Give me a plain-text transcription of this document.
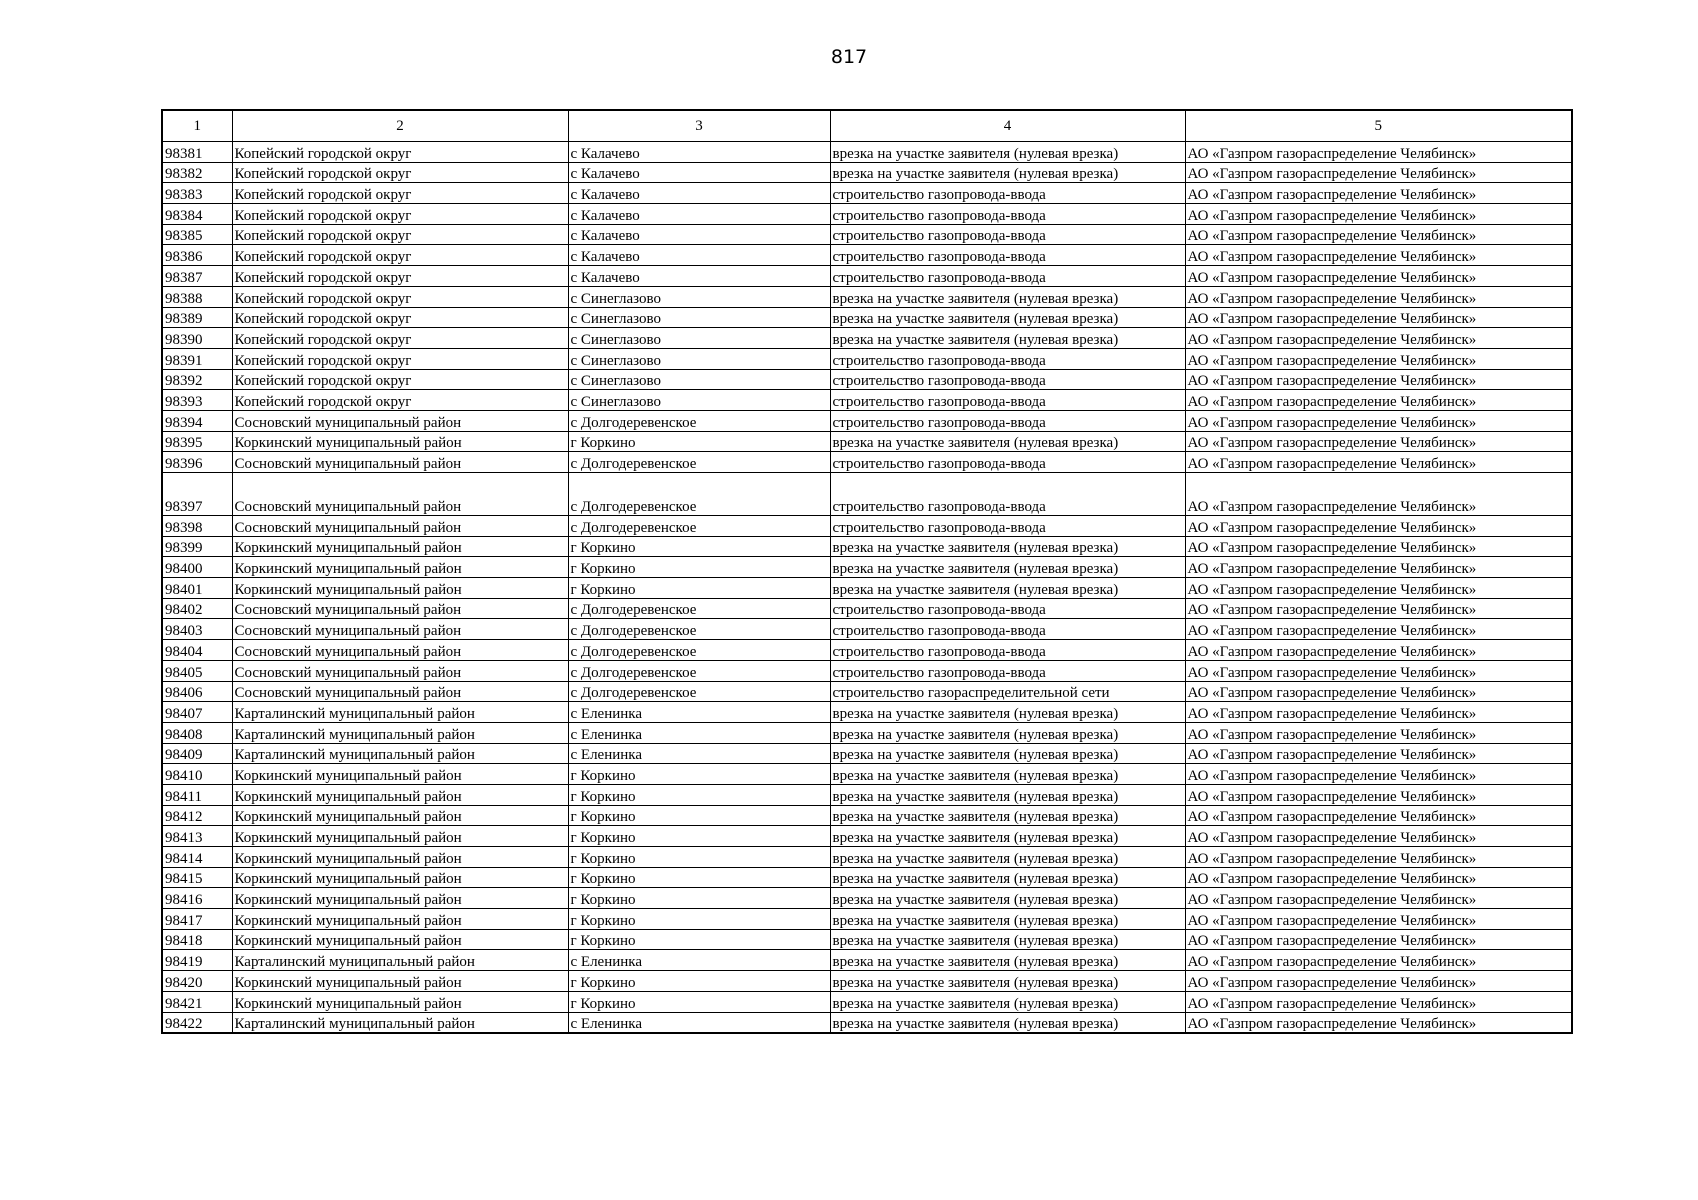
817
1	2	3	4	5
98381	Копейский городской округ	с Калачево	врезка на участке заявителя (нулевая врезка)	АО «Газпром газораспределение Челябинск»
98382	Копейский городской округ	с Калачево	врезка на участке заявителя (нулевая врезка)	АО «Газпром газораспределение Челябинск»
98383	Копейский городской округ	с Калачево	строительство газопровода-ввода	АО «Газпром газораспределение Челябинск»
98384	Копейский городской округ	с Калачево	строительство газопровода-ввода	АО «Газпром газораспределение Челябинск»
98385	Копейский городской округ	с Калачево	строительство газопровода-ввода	АО «Газпром газораспределение Челябинск»
98386	Копейский городской округ	с Калачево	строительство газопровода-ввода	АО «Газпром газораспределение Челябинск»
98387	Копейский городской округ	с Калачево	строительство газопровода-ввода	АО «Газпром газораспределение Челябинск»
98388	Копейский городской округ	с Синеглазово	врезка на участке заявителя (нулевая врезка)	АО «Газпром газораспределение Челябинск»
98389	Копейский городской округ	с Синеглазово	врезка на участке заявителя (нулевая врезка)	АО «Газпром газораспределение Челябинск»
98390	Копейский городской округ	с Синеглазово	врезка на участке заявителя (нулевая врезка)	АО «Газпром газораспределение Челябинск»
98391	Копейский городской округ	с Синеглазово	строительство газопровода-ввода	АО «Газпром газораспределение Челябинск»
98392	Копейский городской округ	с Синеглазово	строительство газопровода-ввода	АО «Газпром газораспределение Челябинск»
98393	Копейский городской округ	с Синеглазово	строительство газопровода-ввода	АО «Газпром газораспределение Челябинск»
98394	Сосновский муниципальный район	с Долгодеревенское	строительство газопровода-ввода	АО «Газпром газораспределение Челябинск»
98395	Коркинский муниципальный район	г Коркино	врезка на участке заявителя (нулевая врезка)	АО «Газпром газораспределение Челябинск»
98396	Сосновский муниципальный район	с Долгодеревенское	строительство газопровода-ввода	АО «Газпром газораспределение Челябинск»
98397	Сосновский муниципальный район	с Долгодеревенское	строительство газопровода-ввода	АО «Газпром газораспределение Челябинск»
98398	Сосновский муниципальный район	с Долгодеревенское	строительство газопровода-ввода	АО «Газпром газораспределение Челябинск»
98399	Коркинский муниципальный район	г Коркино	врезка на участке заявителя (нулевая врезка)	АО «Газпром газораспределение Челябинск»
98400	Коркинский муниципальный район	г Коркино	врезка на участке заявителя (нулевая врезка)	АО «Газпром газораспределение Челябинск»
98401	Коркинский муниципальный район	г Коркино	врезка на участке заявителя (нулевая врезка)	АО «Газпром газораспределение Челябинск»
98402	Сосновский муниципальный район	с Долгодеревенское	строительство газопровода-ввода	АО «Газпром газораспределение Челябинск»
98403	Сосновский муниципальный район	с Долгодеревенское	строительство газопровода-ввода	АО «Газпром газораспределение Челябинск»
98404	Сосновский муниципальный район	с Долгодеревенское	строительство газопровода-ввода	АО «Газпром газораспределение Челябинск»
98405	Сосновский муниципальный район	с Долгодеревенское	строительство газопровода-ввода	АО «Газпром газораспределение Челябинск»
98406	Сосновский муниципальный район	с Долгодеревенское	строительство газораспределительной сети	АО «Газпром газораспределение Челябинск»
98407	Карталинский муниципальный район	с Еленинка	врезка на участке заявителя (нулевая врезка)	АО «Газпром газораспределение Челябинск»
98408	Карталинский муниципальный район	с Еленинка	врезка на участке заявителя (нулевая врезка)	АО «Газпром газораспределение Челябинск»
98409	Карталинский муниципальный район	с Еленинка	врезка на участке заявителя (нулевая врезка)	АО «Газпром газораспределение Челябинск»
98410	Коркинский муниципальный район	г Коркино	врезка на участке заявителя (нулевая врезка)	АО «Газпром газораспределение Челябинск»
98411	Коркинский муниципальный район	г Коркино	врезка на участке заявителя (нулевая врезка)	АО «Газпром газораспределение Челябинск»
98412	Коркинский муниципальный район	г Коркино	врезка на участке заявителя (нулевая врезка)	АО «Газпром газораспределение Челябинск»
98413	Коркинский муниципальный район	г Коркино	врезка на участке заявителя (нулевая врезка)	АО «Газпром газораспределение Челябинск»
98414	Коркинский муниципальный район	г Коркино	врезка на участке заявителя (нулевая врезка)	АО «Газпром газораспределение Челябинск»
98415	Коркинский муниципальный район	г Коркино	врезка на участке заявителя (нулевая врезка)	АО «Газпром газораспределение Челябинск»
98416	Коркинский муниципальный район	г Коркино	врезка на участке заявителя (нулевая врезка)	АО «Газпром газораспределение Челябинск»
98417	Коркинский муниципальный район	г Коркино	врезка на участке заявителя (нулевая врезка)	АО «Газпром газораспределение Челябинск»
98418	Коркинский муниципальный район	г Коркино	врезка на участке заявителя (нулевая врезка)	АО «Газпром газораспределение Челябинск»
98419	Карталинский муниципальный район	с Еленинка	врезка на участке заявителя (нулевая врезка)	АО «Газпром газораспределение Челябинск»
98420	Коркинский муниципальный район	г Коркино	врезка на участке заявителя (нулевая врезка)	АО «Газпром газораспределение Челябинск»
98421	Коркинский муниципальный район	г Коркино	врезка на участке заявителя (нулевая врезка)	АО «Газпром газораспределение Челябинск»
98422	Карталинский муниципальный район	с Еленинка	врезка на участке заявителя (нулевая врезка)	АО «Газпром газораспределение Челябинск»
